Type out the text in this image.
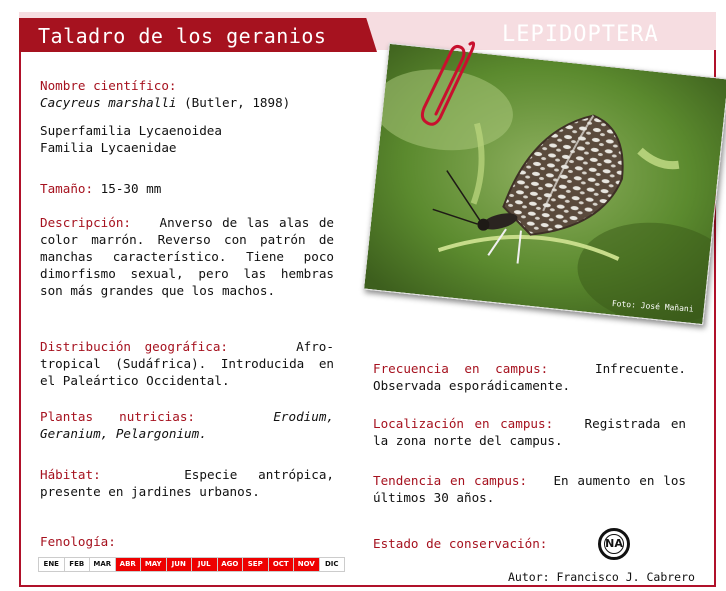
Taladro de los geranios	LEPIDOPTERA
Foto: José Mañani
Nombre científico:
Cacyreus marshalli (Butler, 1898)
Superfamilia Lycaenoidea
Familia Lycaenidae
Tamaño: 15-30 mm
Descripción: Anverso de las alas de color marrón. Reverso con patrón de manchas característico. Tiene poco dimorfismo sexual, pero las hembras son más grandes que los machos.
Distribución geográfica:	Afro-tropical (Sudáfrica). Introducida en el Paleártico Occidental.
Plantas nutricias:	Erodium, Geranium, Pelargonium.
Hábitat:	Especie antrópica, presente en jardines urbanos.
Fenología:
ENE	FEB	MAR	ABR	MAY	JUN	JUL	AGO	SEP	OCT	NOV	DIC
Frecuencia en campus:	Infrecuente. Observada esporádicamente.
Localización en campus: Registrada en la zona norte del campus.
Tendencia en campus: En aumento en los últimos 30 años.
Estado de conservación:	NA
Autor: Francisco J. Cabrero
